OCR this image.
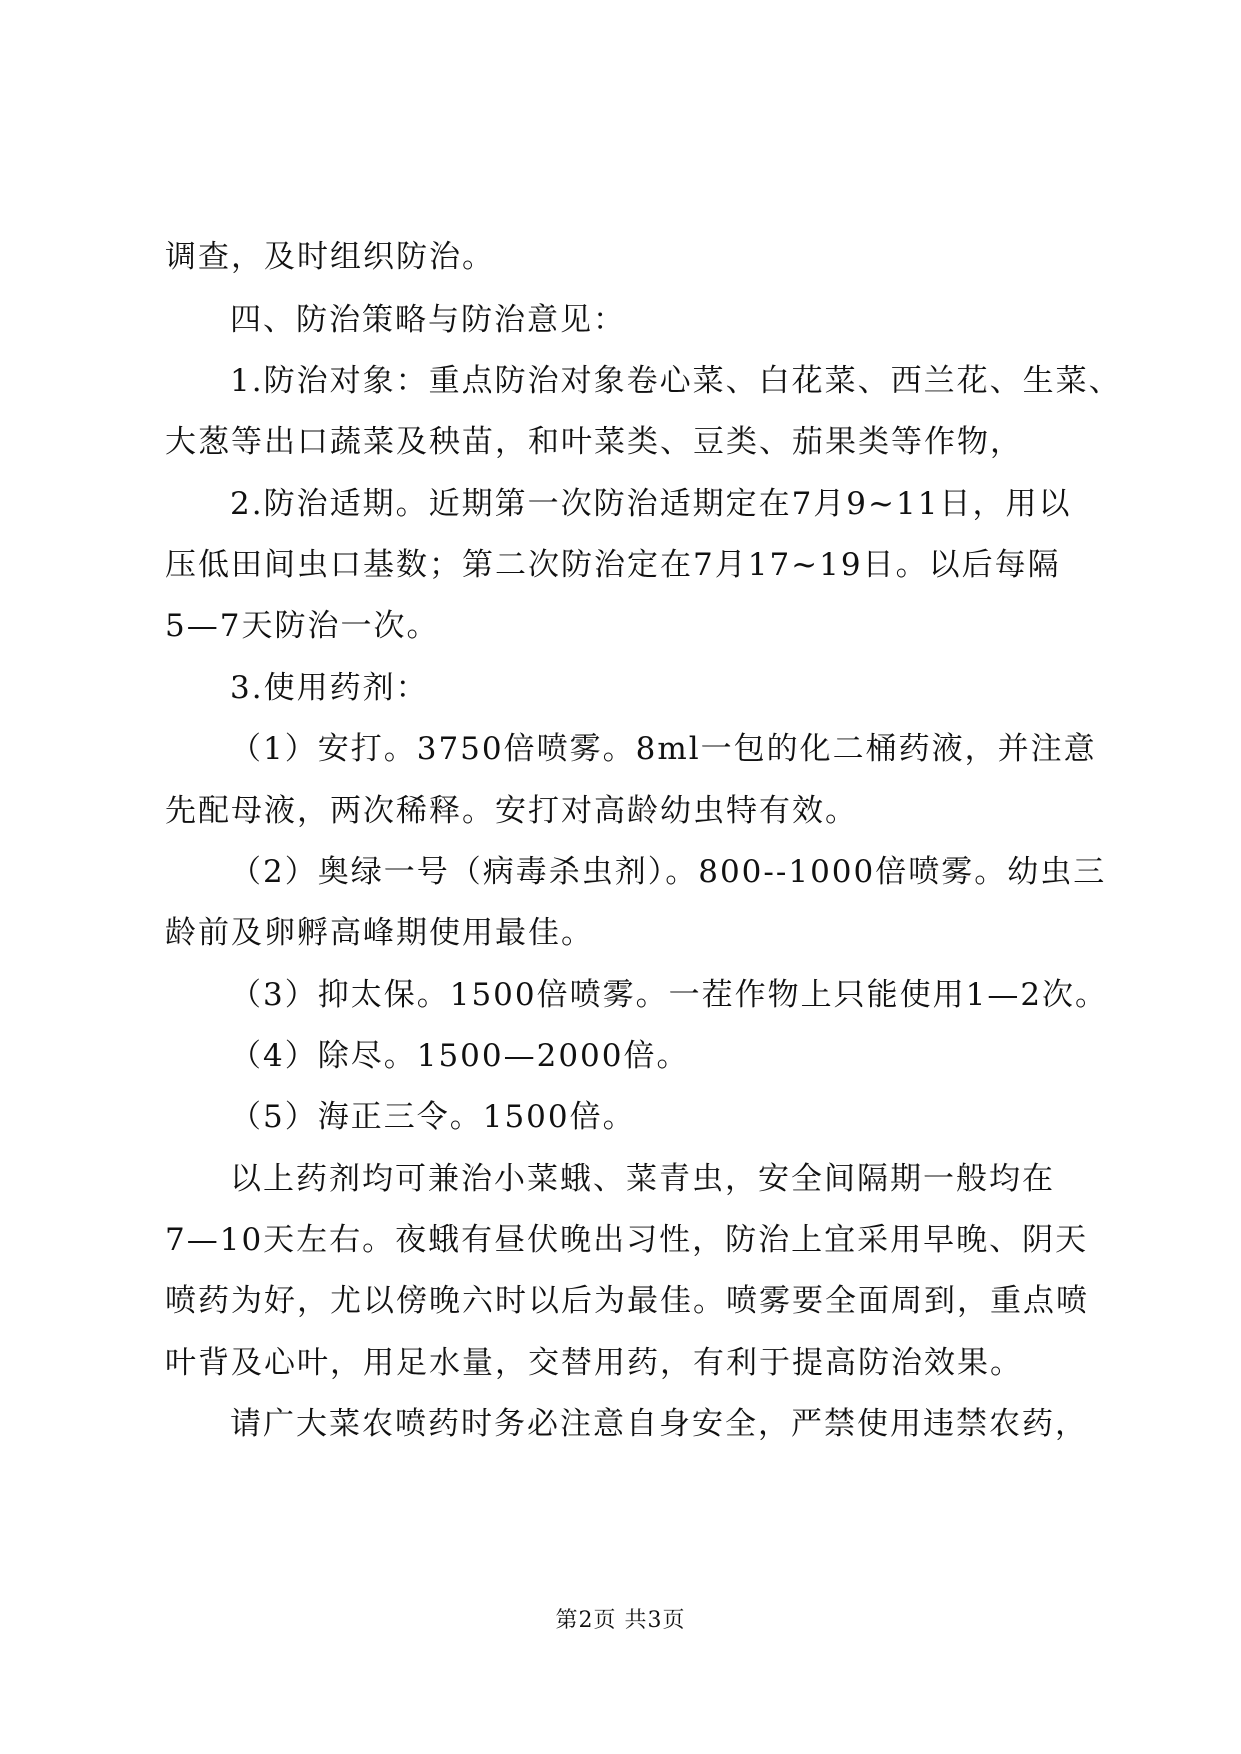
调查，及时组织防治。
四、防治策略与防治意见：
1.防治对象：重点防治对象卷心菜、白花菜、西兰花、生菜、
大葱等出口蔬菜及秧苗，和叶菜类、豆类、茄果类等作物，
2.防治适期。近期第一次防治适期定在7月9~11日，用以
压低田间虫口基数；第二次防治定在7月17~19日。以后每隔
5—7天防治一次。
3.使用药剂：
（1）安打。3750倍喷雾。8ml一包的化二桶药液，并注意
先配母液，两次稀释。安打对高龄幼虫特有效。
（2）奥绿一号（病毒杀虫剂）。800--1000倍喷雾。幼虫三
龄前及卵孵高峰期使用最佳。
（3）抑太保。1500倍喷雾。一茬作物上只能使用1—2次。
（4）除尽。1500—2000倍。
（5）海正三令。1500倍。
以上药剂均可兼治小菜蛾、菜青虫，安全间隔期一般均在
7—10天左右。夜蛾有昼伏晚出习性，防治上宜采用早晚、阴天
喷药为好，尤以傍晚六时以后为最佳。喷雾要全面周到，重点喷
叶背及心叶，用足水量，交替用药，有利于提高防治效果。
请广大菜农喷药时务必注意自身安全，严禁使用违禁农药，
第2页 共3页
